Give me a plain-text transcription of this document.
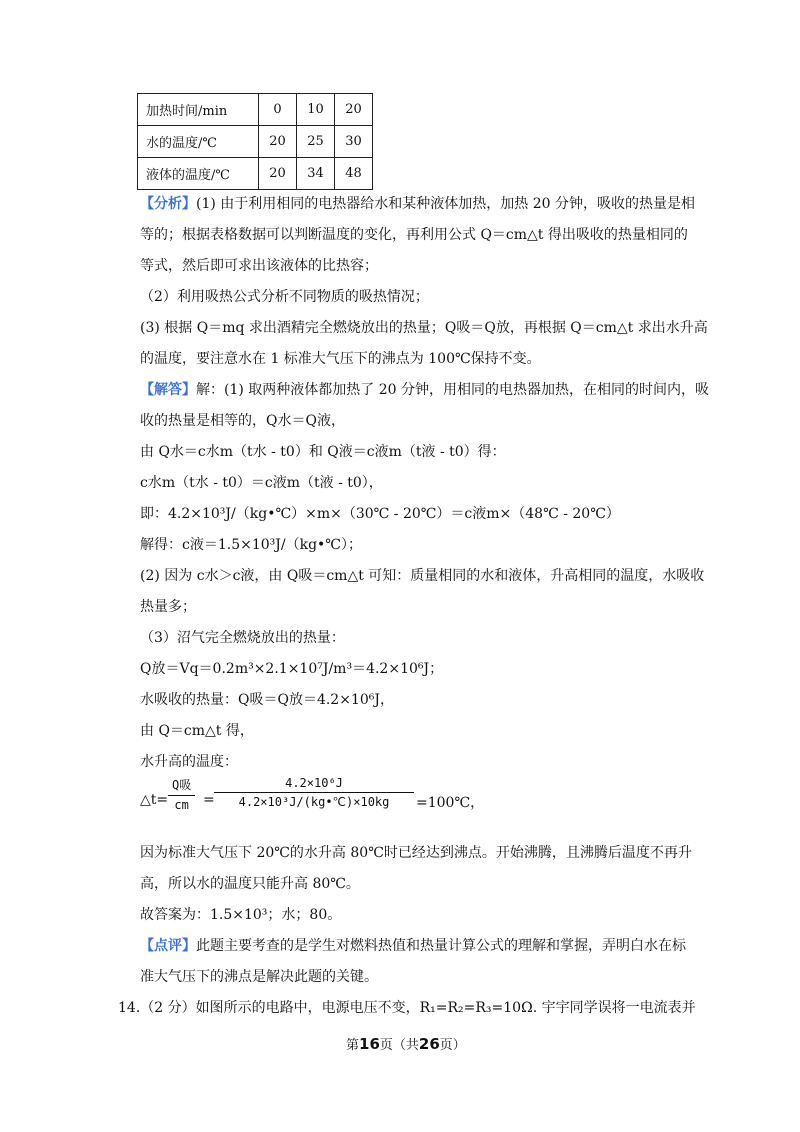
加热时间/min	0	10	20
水的温度/℃	20	25	30
液体的温度/℃	20	34	48
【分析】(1) 由于利用相同的电热器给水和某种液体加热，加热 20 分钟，吸收的热量是相
等的；根据表格数据可以判断温度的变化，再利用公式 Q＝cm△t 得出吸收的热量相同的
等式，然后即可求出该液体的比热容；
（2）利用吸热公式分析不同物质的吸热情况；
(3) 根据 Q＝mq 求出酒精完全燃烧放出的热量；Q吸＝Q放，再根据 Q＝cm△t 求出水升高
的温度，要注意水在 1 标准大气压下的沸点为 100℃保持不变。
【解答】解：(1) 取两种液体都加热了 20 分钟，用相同的电热器加热，在相同的时间内，吸
收的热量是相等的，Q水＝Q液，
由 Q水＝c水m（t水 - t0）和 Q液＝c液m（t液 - t0）得：
c水m（t水 - t0）＝c液m（t液 - t0），
即：4.2×10³J/（kg•℃）×m×（30℃ - 20℃）＝c液m×（48℃ - 20℃）
解得：c液＝1.5×10³J/（kg•℃）；
(2) 因为 c水＞c液，由 Q吸＝cm△t 可知：质量相同的水和液体，升高相同的温度，水吸收
热量多；
（3）沼气完全燃烧放出的热量：
Q放＝Vq＝0.2m³×2.1×10⁷J/m³＝4.2×10⁶J；
水吸收的热量：Q吸＝Q放＝4.2×10⁶J，
由 Q＝cm△t 得，
水升高的温度：
△t=
Q吸
cm	=
4.2×10⁶J
4.2×10³J/(kg•℃)×10kg	=100℃，
因为标准大气压下 20℃的水升高 80℃时已经达到沸点。开始沸腾，且沸腾后温度不再升
高，所以水的温度只能升高 80℃。
故答案为：1.5×10³；水；80。
【点评】此题主要考查的是学生对燃料热值和热量计算公式的理解和掌握，弄明白水在标
准大气压下的沸点是解决此题的关键。
14.（2 分）如图所示的电路中，电源电压不变，R₁=R₂=R₃=10Ω. 宇宇同学误将一电流表并
第16页（共26页）
